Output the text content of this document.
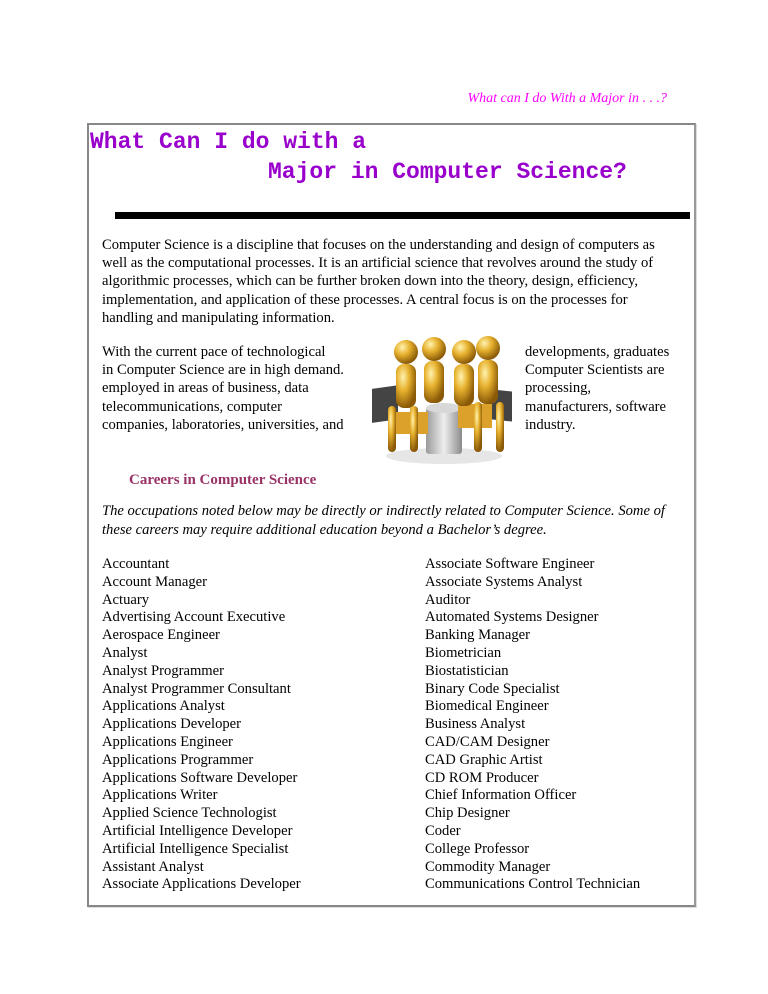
What can I do With a Major in . . .?
What Can I do with a
Major in Computer Science?
Computer Science is a discipline that focuses on the understanding and design of computers as
well as the computational processes. It is an artificial science that revolves around the study of
algorithmic processes, which can be further broken down into the theory, design, efficiency,
implementation, and application of these processes. A central focus is on the processes for
handling and manipulating information.
With the current pace of technological
in Computer Science are in high demand.
employed in areas of business, data
telecommunications, computer
companies, laboratories, universities, and
developments, graduates
Computer Scientists are
processing,
manufacturers, software
industry.
Careers in Computer Science
The occupations noted below may be directly or indirectly related to Computer Science. Some of
these careers may require additional education beyond a Bachelor’s degree.
Accountant
Account Manager
Actuary
Advertising Account Executive
Aerospace Engineer
Analyst
Analyst Programmer
Analyst Programmer Consultant
Applications Analyst
Applications Developer
Applications Engineer
Applications Programmer
Applications Software Developer
Applications Writer
Applied Science Technologist
Artificial Intelligence Developer
Artificial Intelligence Specialist
Assistant Analyst
Associate Applications Developer
Associate Software Engineer
Associate Systems Analyst
Auditor
Automated Systems Designer
Banking Manager
Biometrician
Biostatistician
Binary Code Specialist
Biomedical Engineer
Business Analyst
CAD/CAM Designer
CAD Graphic Artist
CD ROM Producer
Chief Information Officer
Chip Designer
Coder
College Professor
Commodity Manager
Communications Control Technician
